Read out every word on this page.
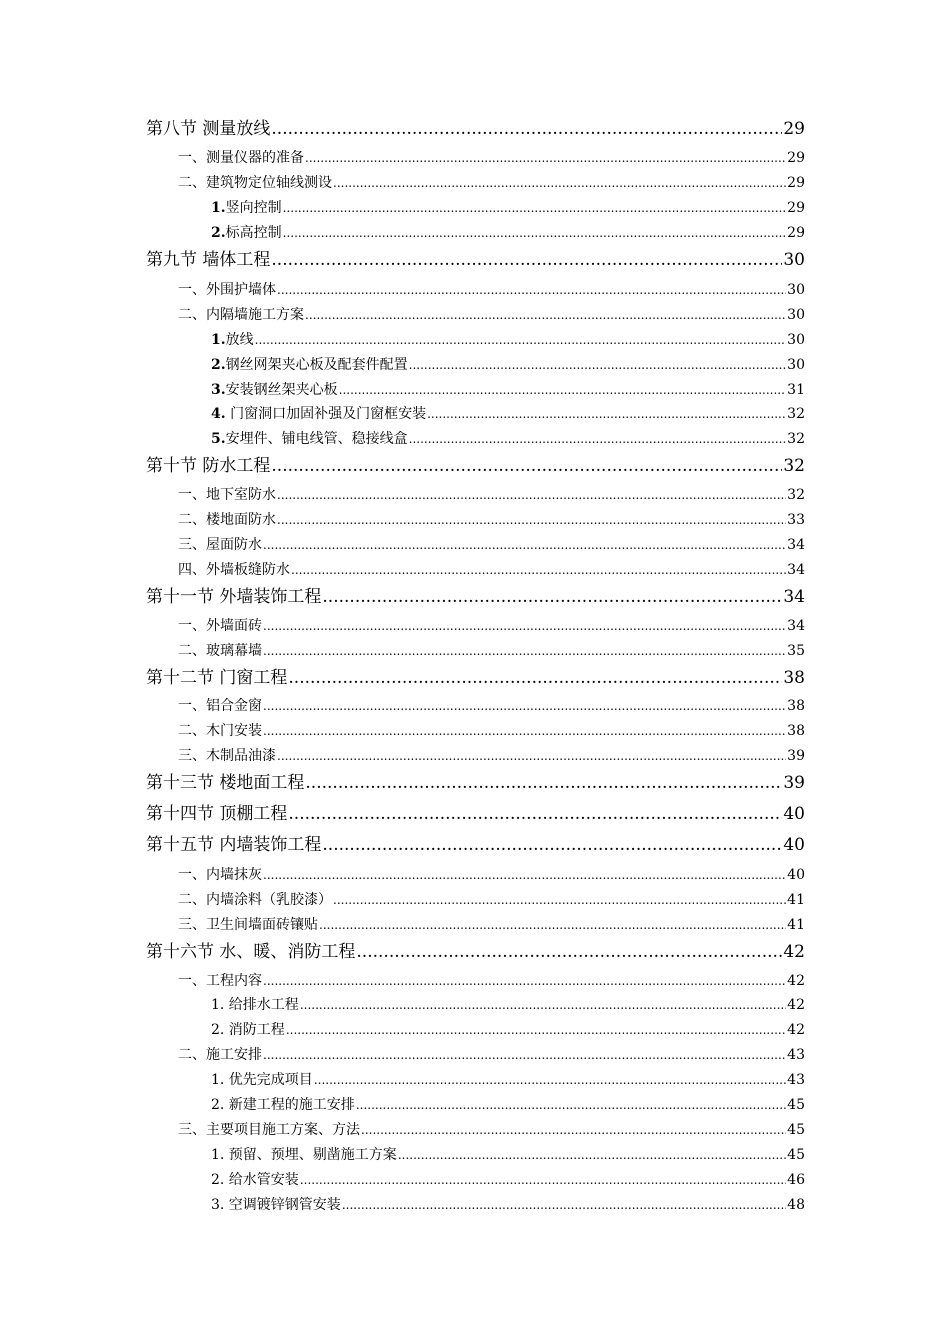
第八节 测量放线 .....	29
一、测量仪器的准备 .....	29
二、建筑物定位轴线测设 .....	29
1.竖向控制 .....	29
2.标高控制 .....	29
第九节 墙体工程 .....	30
一、外围护墙体 .....	30
二、内隔墙施工方案 .....	30
1.放线 .....	30
2.钢丝网架夹心板及配套件配置 .....	30
3.安装钢丝架夹心板 .....	31
4. 门窗洞口加固补强及门窗框安装 .....	32
5.安埋件、铺电线管、稳接线盒 .....	32
第十节 防水工程 .....	32
一、地下室防水 .....	32
二、楼地面防水 .....	33
三、屋面防水 .....	34
四、外墙板缝防水 .....	34
第十一节 外墙装饰工程 .....	34
一、外墙面砖 .....	34
二、玻璃幕墙 .....	35
第十二节 门窗工程 .....	38
一、铝合金窗 .....	38
二、木门安装 .....	38
三、木制品油漆 .....	39
第十三节 楼地面工程 .....	39
第十四节 顶棚工程 .....	40
第十五节 内墙装饰工程 .....	40
一、内墙抹灰 .....	40
二、内墙涂料（乳胶漆） .....	41
三、卫生间墙面砖镶贴 .....	41
第十六节 水、暖、消防工程 .....	42
一、工程内容 .....	42
1. 给排水工程 .....	42
2. 消防工程 .....	42
二、施工安排 .....	43
1. 优先完成项目 .....	43
2. 新建工程的施工安排 .....	45
三、主要项目施工方案、方法 .....	45
1. 预留、预埋、剔凿施工方案 .....	45
2. 给水管安装 .....	46
3. 空调镀锌钢管安装 .....	48
